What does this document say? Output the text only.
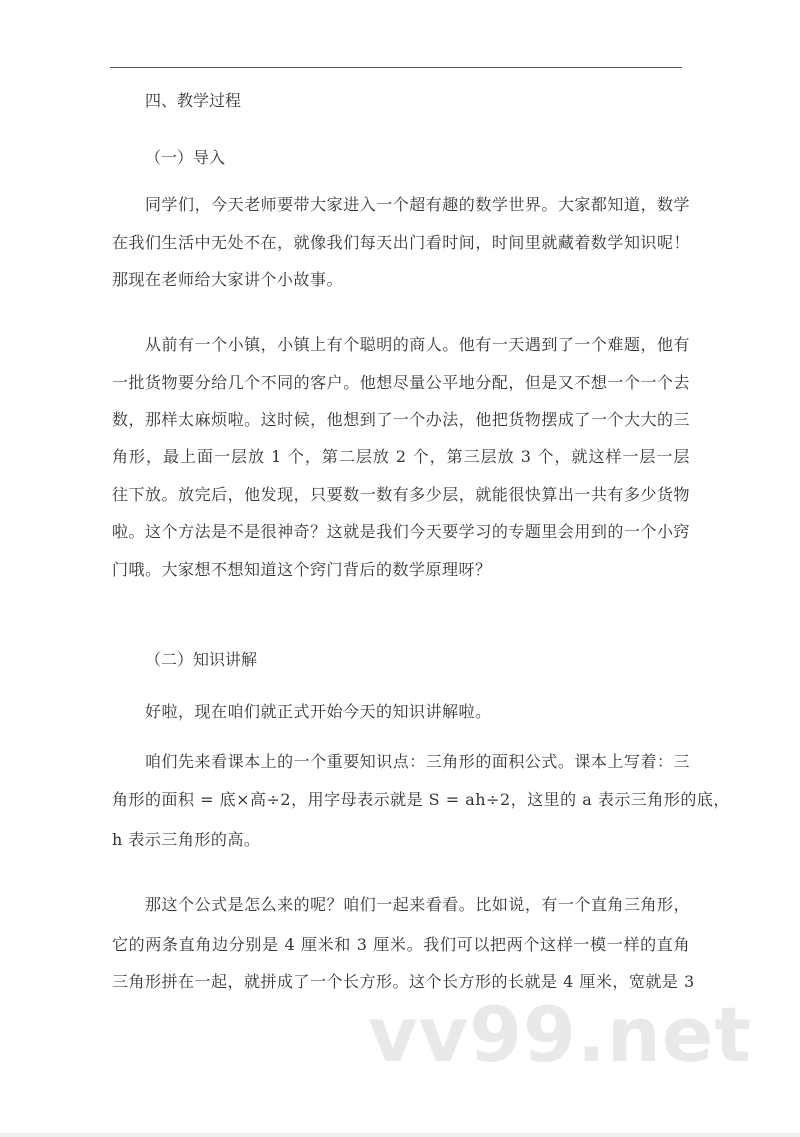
四、教学过程
（一）导入
　　同学们，今天老师要带大家进入一个超有趣的数学世界。大家都知道，数学
在我们生活中无处不在，就像我们每天出门看时间，时间里就藏着数学知识呢！
那现在老师给大家讲个小故事。
　　从前有一个小镇，小镇上有个聪明的商人。他有一天遇到了一个难题，他有
一批货物要分给几个不同的客户。他想尽量公平地分配，但是又不想一个一个去
数，那样太麻烦啦。这时候，他想到了一个办法，他把货物摆成了一个大大的三
角形，最上面一层放 1 个，第二层放 2 个，第三层放 3 个，就这样一层一层
往下放。放完后，他发现，只要数一数有多少层，就能很快算出一共有多少货物
啦。这个方法是不是很神奇？这就是我们今天要学习的专题里会用到的一个小窍
门哦。大家想不想知道这个窍门背后的数学原理呀？
（二）知识讲解
　　好啦，现在咱们就正式开始今天的知识讲解啦。
　　咱们先来看课本上的一个重要知识点：三角形的面积公式。课本上写着：三
角形的面积 = 底×高÷2，用字母表示就是 S = ah÷2，这里的 a 表示三角形的底，
h 表示三角形的高。
　　那这个公式是怎么来的呢？咱们一起来看看。比如说，有一个直角三角形，
它的两条直角边分别是 4 厘米和 3 厘米。我们可以把两个这样一模一样的直角
三角形拼在一起，就拼成了一个长方形。这个长方形的长就是 4 厘米，宽就是 3
vv99.net
